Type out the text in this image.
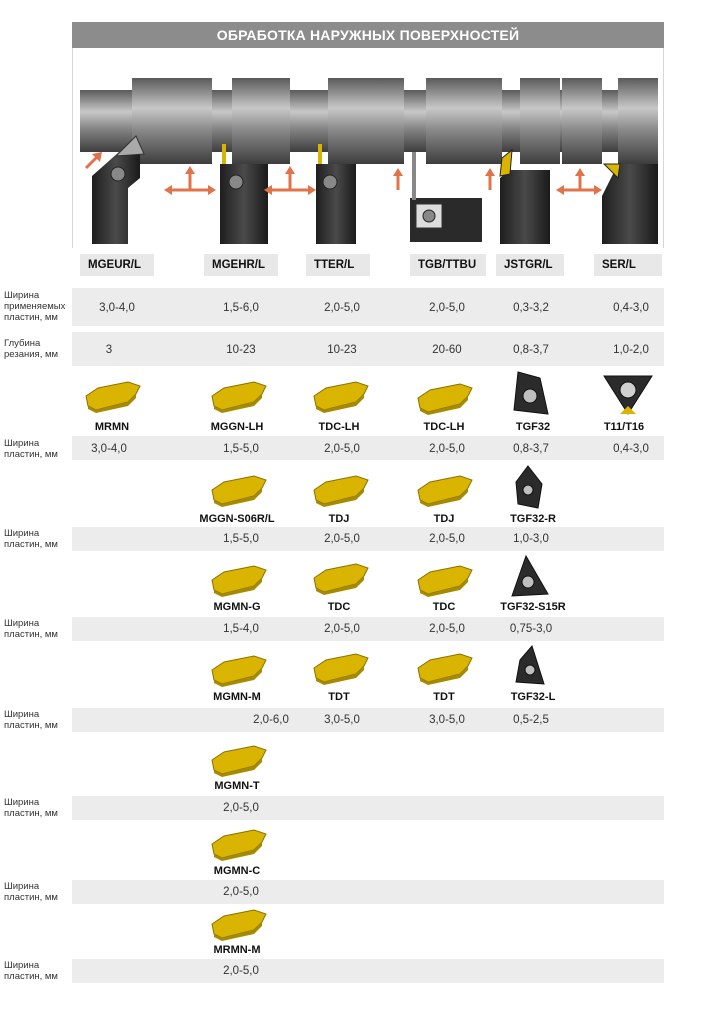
ОБРАБОТКА НАРУЖНЫХ ПОВЕРХНОСТЕЙ
MGEUR/L	MGEHR/L	TTER/L	TGB/TTBU	JSTGR/L	SER/L
Ширина применяемых пластин, мм
3,0-4,0	1,5-6,0	2,0-5,0	2,0-5,0	0,3-3,2	0,4-3,0
Глубина резания, мм	3	10-23	10-23	20-60	0,8-3,7	1,0-2,0
MRMN	MGGN-LH	TDC-LH	TDC-LH	TGF32	T11/T16
Ширина пластин, мм	3,0-4,0	1,5-5,0	2,0-5,0	2,0-5,0	0,8-3,7	0,4-3,0
MGGN-S06R/L	TDJ	TDJ	TGF32-R
Ширина пластин, мм	1,5-5,0	2,0-5,0	2,0-5,0	1,0-3,0
MGMN-G	TDC	TDC	TGF32-S15R
Ширина пластин, мм	1,5-4,0	2,0-5,0	2,0-5,0	0,75-3,0
MGMN-M	TDT	TDT	TGF32-L
Ширина пластин, мм	2,0-6,0	3,0-5,0	3,0-5,0	0,5-2,5
MGMN-T
Ширина пластин, мм	2,0-5,0
MGMN-C
Ширина пластин, мм	2,0-5,0
MRMN-M
Ширина пластин, мм	2,0-5,0
